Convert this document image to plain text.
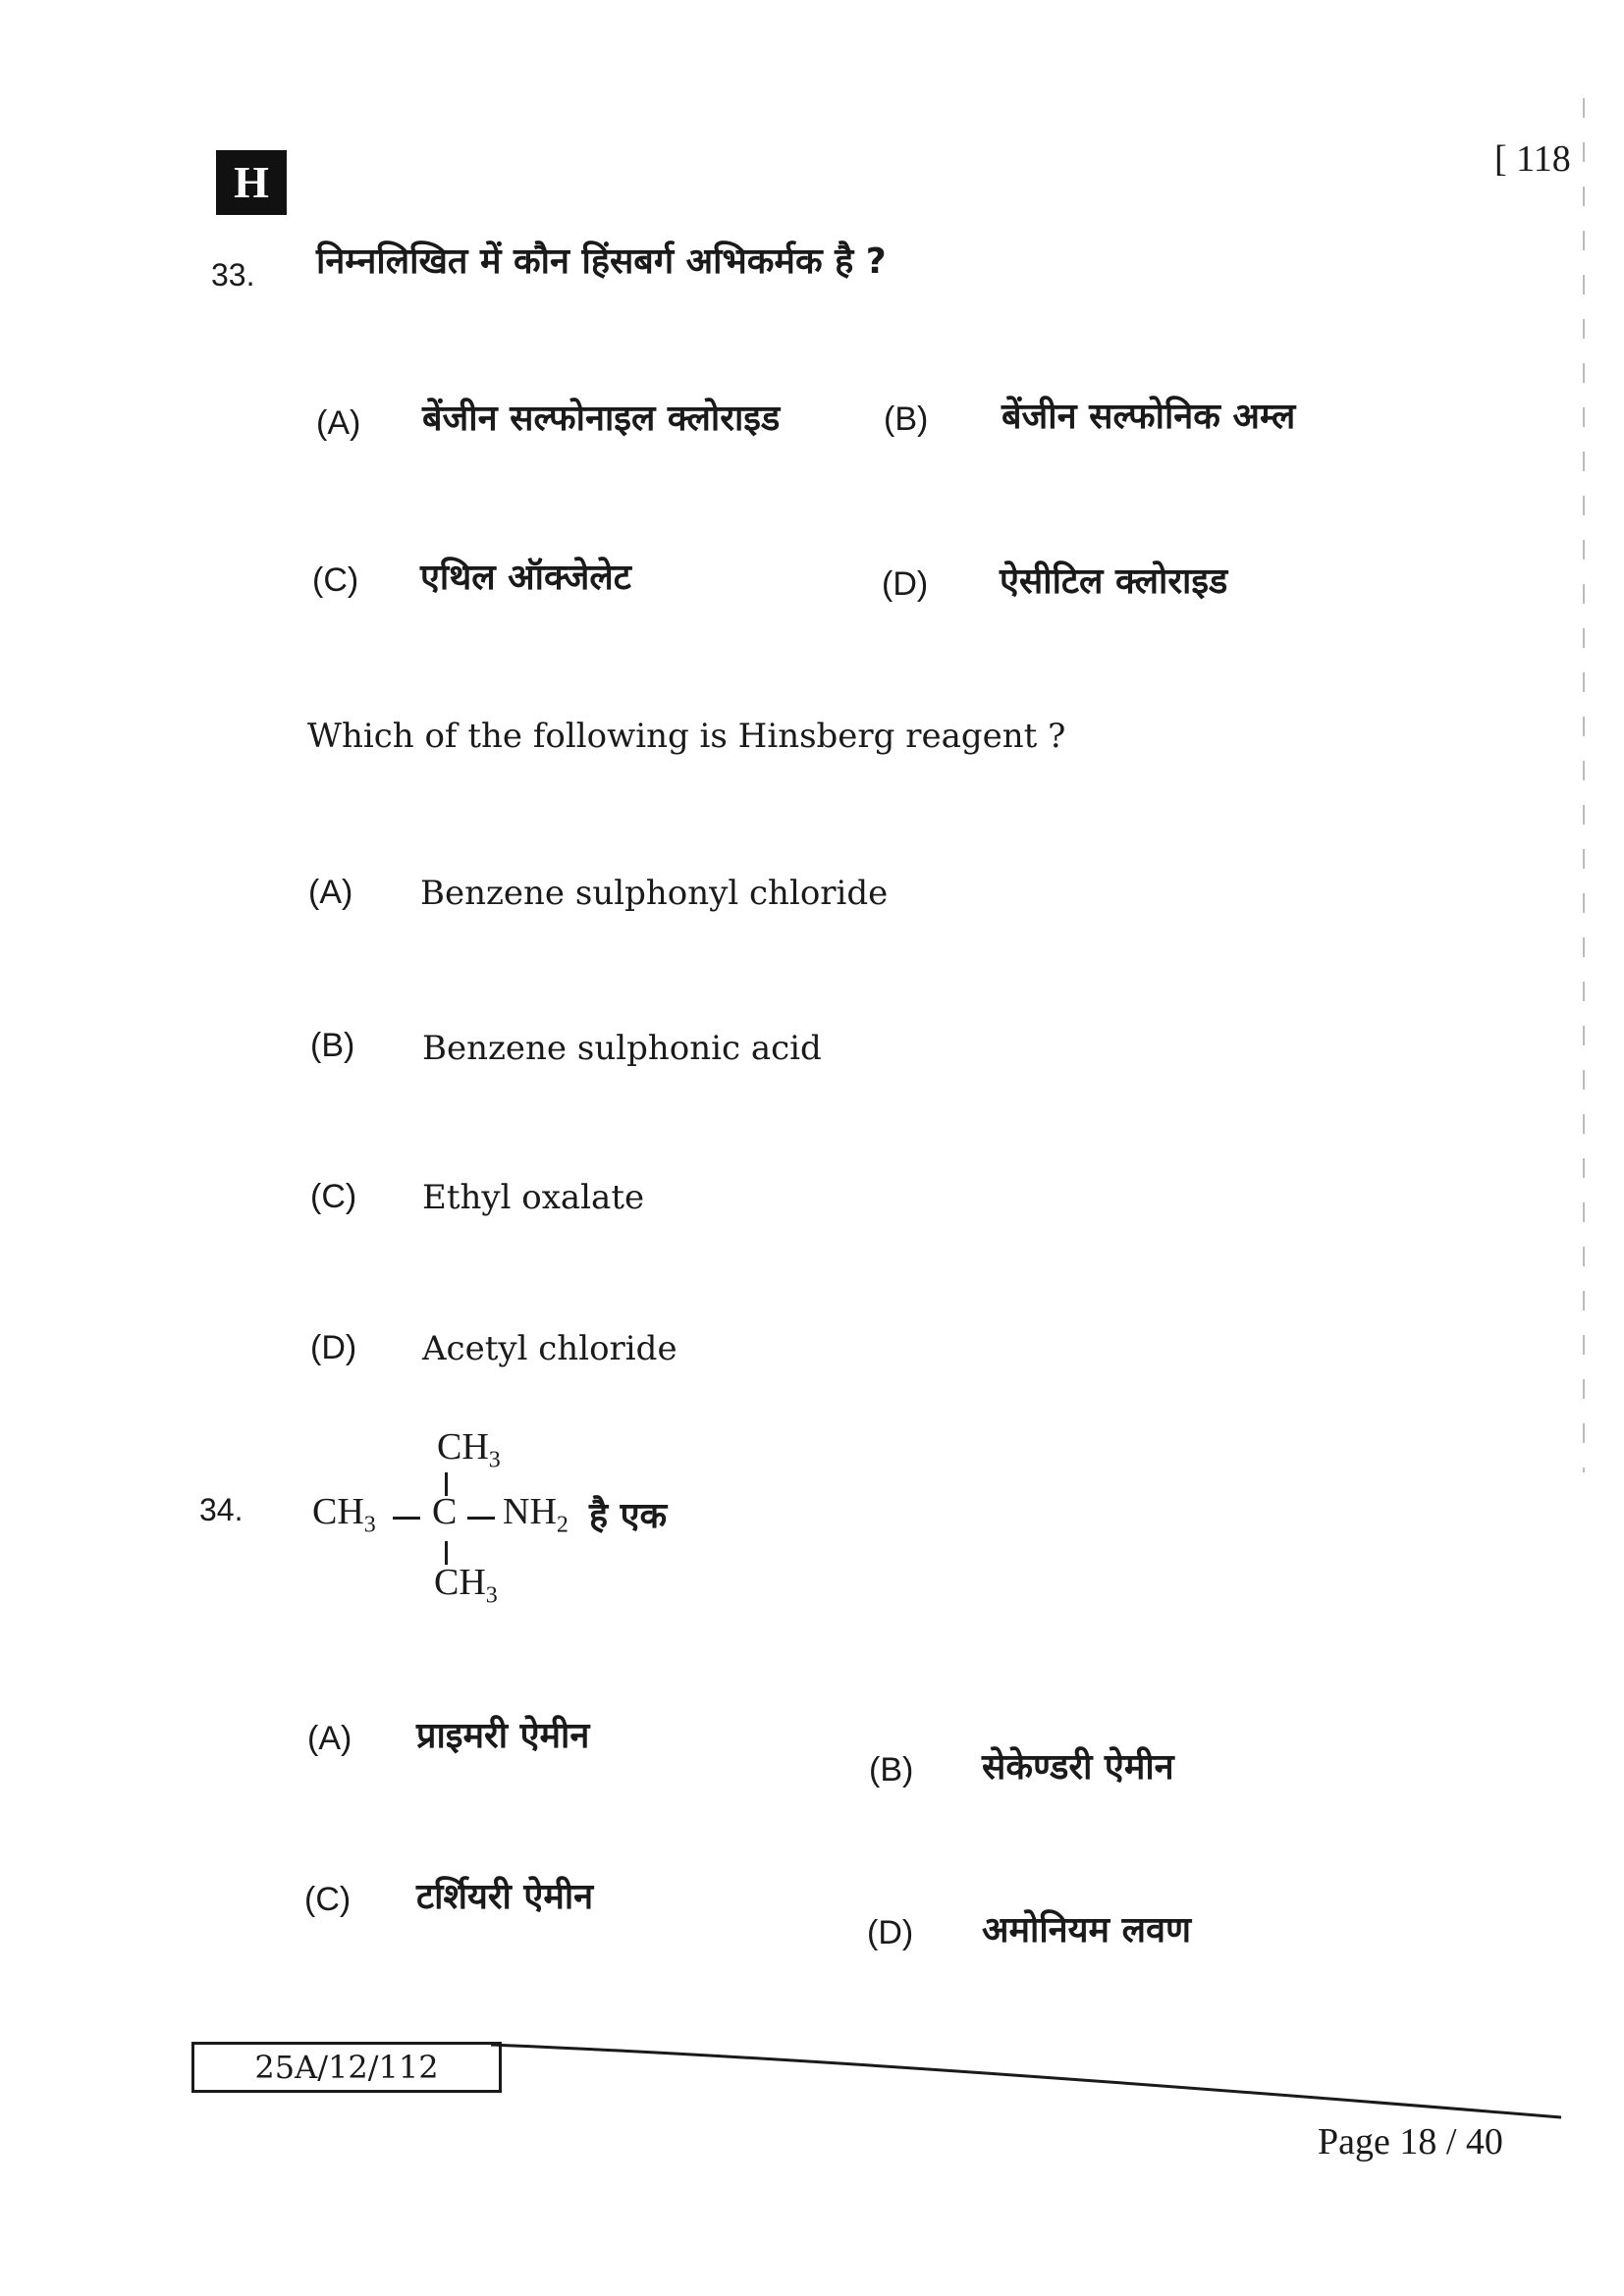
H	[ 118
33. निम्नलिखित में कौन हिंसबर्ग अभिकर्मक है ?
(A) बेंजीन सल्फोनाइल क्लोराइड	(B) बेंजीन सल्फोनिक अम्ल
(C) एथिल ऑक्जेलेट	(D) ऐसीटिल क्लोराइड
Which of the following is Hinsberg reagent ?
(A) Benzene sulphonyl chloride
(B) Benzene sulphonic acid
(C) Ethyl oxalate
(D) Acetyl chloride
34.
$CH_3$
$CH_3$ C $NH_2$ है एक
$CH_3$
(A) प्राइमरी ऐमीन
(B) सेकेण्डरी ऐमीन
(C) टर्शियरी ऐमीन
(D) अमोनियम लवण
25A/12/112
Page 18 / 40
